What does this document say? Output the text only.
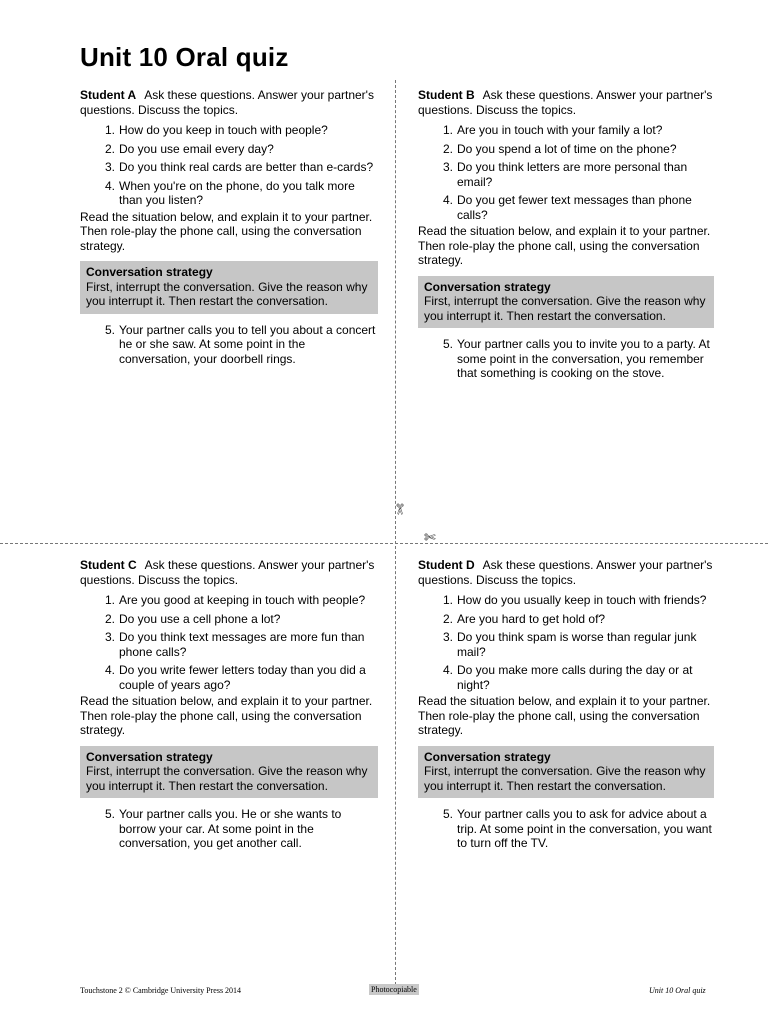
Unit 10 Oral quiz
✄
✄
Student A Ask these questions. Answer your partner's questions. Discuss the topics.
1. How do you keep in touch with people?
2. Do you use email every day?
3. Do you think real cards are better than e-cards?
4. When you're on the phone, do you talk more than you listen?
Read the situation below, and explain it to your partner. Then role-play the phone call, using the conversation strategy.
Conversation strategy
First, interrupt the conversation. Give the reason why you interrupt it. Then restart the conversation.
5. Your partner calls you to tell you about a concert he or she saw. At some point in the conversation, your doorbell rings.
Student B Ask these questions. Answer your partner's questions. Discuss the topics.
1. Are you in touch with your family a lot?
2. Do you spend a lot of time on the phone?
3. Do you think letters are more personal than email?
4. Do you get fewer text messages than phone calls?
Read the situation below, and explain it to your partner. Then role-play the phone call, using the conversation strategy.
Conversation strategy
First, interrupt the conversation. Give the reason why you interrupt it. Then restart the conversation.
5. Your partner calls you to invite you to a party. At some point in the conversation, you remember that something is cooking on the stove.
Student C Ask these questions. Answer your partner's questions. Discuss the topics.
1. Are you good at keeping in touch with people?
2. Do you use a cell phone a lot?
3. Do you think text messages are more fun than phone calls?
4. Do you write fewer letters today than you did a couple of years ago?
Read the situation below, and explain it to your partner. Then role-play the phone call, using the conversation strategy.
Conversation strategy
First, interrupt the conversation. Give the reason why you interrupt it. Then restart the conversation.
5. Your partner calls you. He or she wants to borrow your car. At some point in the conversation, you get another call.
Student D Ask these questions. Answer your partner's questions. Discuss the topics.
1. How do you usually keep in touch with friends?
2. Are you hard to get hold of?
3. Do you think spam is worse than regular junk mail?
4. Do you make more calls during the day or at night?
Read the situation below, and explain it to your partner. Then role-play the phone call, using the conversation strategy.
Conversation strategy
First, interrupt the conversation. Give the reason why you interrupt it. Then restart the conversation.
5. Your partner calls you to ask for advice about a trip. At some point in the conversation, you want to turn off the TV.
Touchstone 2 © Cambridge University Press 2014	Photocopiable	Unit 10 Oral quiz
